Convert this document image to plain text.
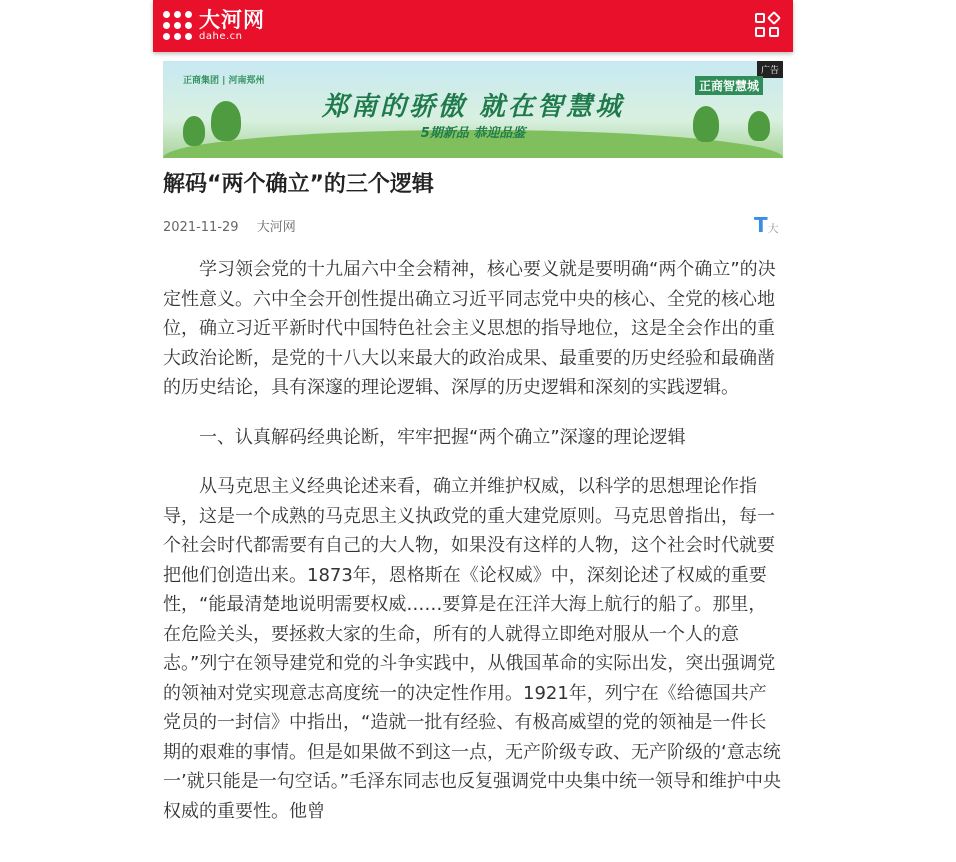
大河网
dahe.cn
正商集团 | 河南郑州
广告
正商智慧城
郑南的骄傲 就在智慧城
5期新品 恭迎品鉴
解码“两个确立”的三个逻辑
2021-11-29 大河网	T大

学习领会党的十九届六中全会精神，核心要义就是要明确“两个确立”的决定性意义。六中全会开创性提出确立习近平同志党中央的核心、全党的核心地位，确立习近平新时代中国特色社会主义思想的指导地位，这是全会作出的重大政治论断，是党的十八大以来最大的政治成果、最重要的历史经验和最确凿的历史结论，具有深邃的理论逻辑、深厚的历史逻辑和深刻的实践逻辑。

一、认真解码经典论断，牢牢把握“两个确立”深邃的理论逻辑

从马克思主义经典论述来看，确立并维护权威，以科学的思想理论作指导，这是一个成熟的马克思主义执政党的重大建党原则。马克思曾指出，每一个社会时代都需要有自己的大人物，如果没有这样的人物，这个社会时代就要把他们创造出来。1873年，恩格斯在《论权威》中，深刻论述了权威的重要性，“能最清楚地说明需要权威……要算是在汪洋大海上航行的船了。那里，在危险关头，要拯救大家的生命，所有的人就得立即绝对服从一个人的意志。”列宁在领导建党和党的斗争实践中，从俄国革命的实际出发，突出强调党的领袖对党实现意志高度统一的决定性作用。1921年，列宁在《给德国共产党员的一封信》中指出，“造就一批有经验、有极高威望的党的领袖是一件长期的艰难的事情。但是如果做不到这一点，无产阶级专政、无产阶级的‘意志统一’就只能是一句空话。”毛泽东同志也反复强调党中央集中统一领导和维护中央权威的重要性。他曾
